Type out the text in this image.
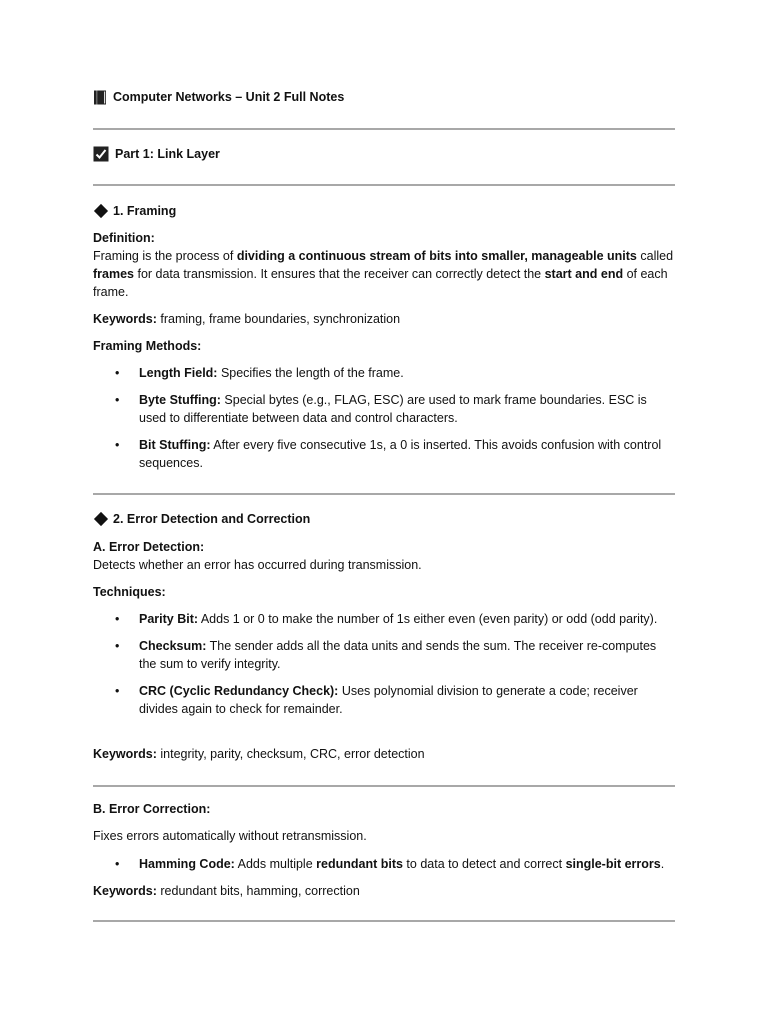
Computer Networks – Unit 2 Full Notes
Part 1: Link Layer
1. Framing
Definition:
Framing is the process of dividing a continuous stream of bits into smaller, manageable units called frames for data transmission. It ensures that the receiver can correctly detect the start and end of each frame.
Keywords: framing, frame boundaries, synchronization
Framing Methods:
• Length Field: Specifies the length of the frame.
• Byte Stuffing: Special bytes (e.g., FLAG, ESC) are used to mark frame boundaries. ESC is used to differentiate between data and control characters.
• Bit Stuffing: After every five consecutive 1s, a 0 is inserted. This avoids confusion with control sequences.
2. Error Detection and Correction
A. Error Detection:
Detects whether an error has occurred during transmission.
Techniques:
• Parity Bit: Adds 1 or 0 to make the number of 1s either even (even parity) or odd (odd parity).
• Checksum: The sender adds all the data units and sends the sum. The receiver re-computes the sum to verify integrity.
• CRC (Cyclic Redundancy Check): Uses polynomial division to generate a code; receiver divides again to check for remainder.
Keywords: integrity, parity, checksum, CRC, error detection
B. Error Correction:
Fixes errors automatically without retransmission.
• Hamming Code: Adds multiple redundant bits to data to detect and correct single-bit errors.
Keywords: redundant bits, hamming, correction
